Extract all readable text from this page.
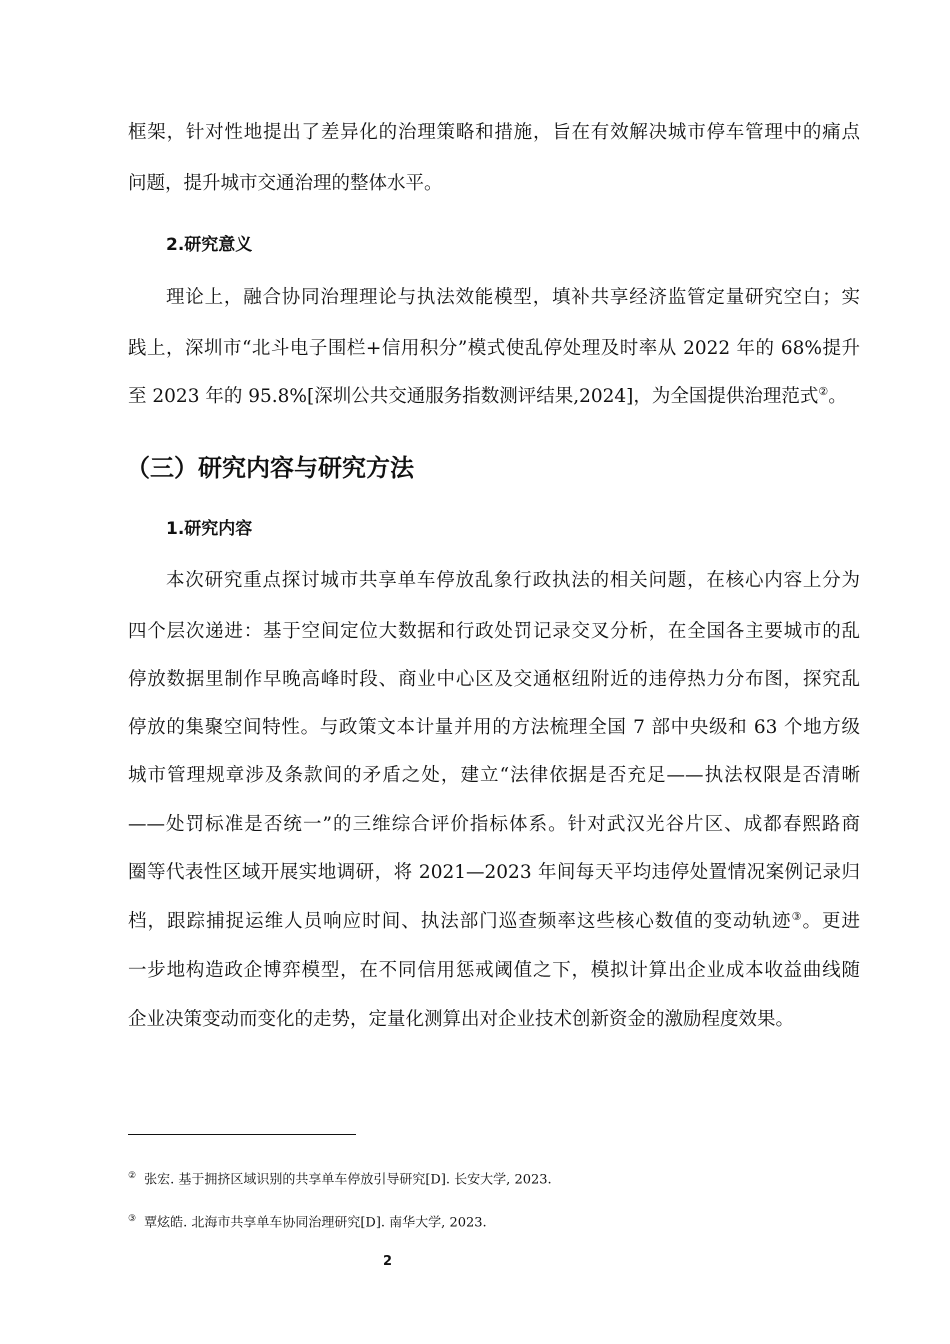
框架，针对性地提出了差异化的治理策略和措施，旨在有效解决城市停车管理中的痛点
问题，提升城市交通治理的整体水平。
2.研究意义
理论上，融合协同治理理论与执法效能模型，填补共享经济监管定量研究空白；实
践上，深圳市“北斗电子围栏+信用积分”模式使乱停处理及时率从 2022 年的 68%提升
至 2023 年的 95.8%[深圳公共交通服务指数测评结果,2024]，为全国提供治理范式②。
（三）研究内容与研究方法
1.研究内容
本次研究重点探讨城市共享单车停放乱象行政执法的相关问题，在核心内容上分为
四个层次递进：基于空间定位大数据和行政处罚记录交叉分析，在全国各主要城市的乱
停放数据里制作早晚高峰时段、商业中心区及交通枢纽附近的违停热力分布图，探究乱
停放的集聚空间特性。与政策文本计量并用的方法梳理全国 7 部中央级和 63 个地方级
城市管理规章涉及条款间的矛盾之处，建立“法律依据是否充足——执法权限是否清晰
——处罚标准是否统一”的三维综合评价指标体系。针对武汉光谷片区、成都春熙路商
圈等代表性区域开展实地调研，将 2021—2023 年间每天平均违停处置情况案例记录归
档，跟踪捕捉运维人员响应时间、执法部门巡查频率这些核心数值的变动轨迹③。更进
一步地构造政企博弈模型，在不同信用惩戒阈值之下，模拟计算出企业成本收益曲线随
企业决策变动而变化的走势，定量化测算出对企业技术创新资金的激励程度效果。
② 张宏. 基于拥挤区域识别的共享单车停放引导研究[D]. 长安大学, 2023.
③ 覃炫皓. 北海市共享单车协同治理研究[D]. 南华大学, 2023.
2
